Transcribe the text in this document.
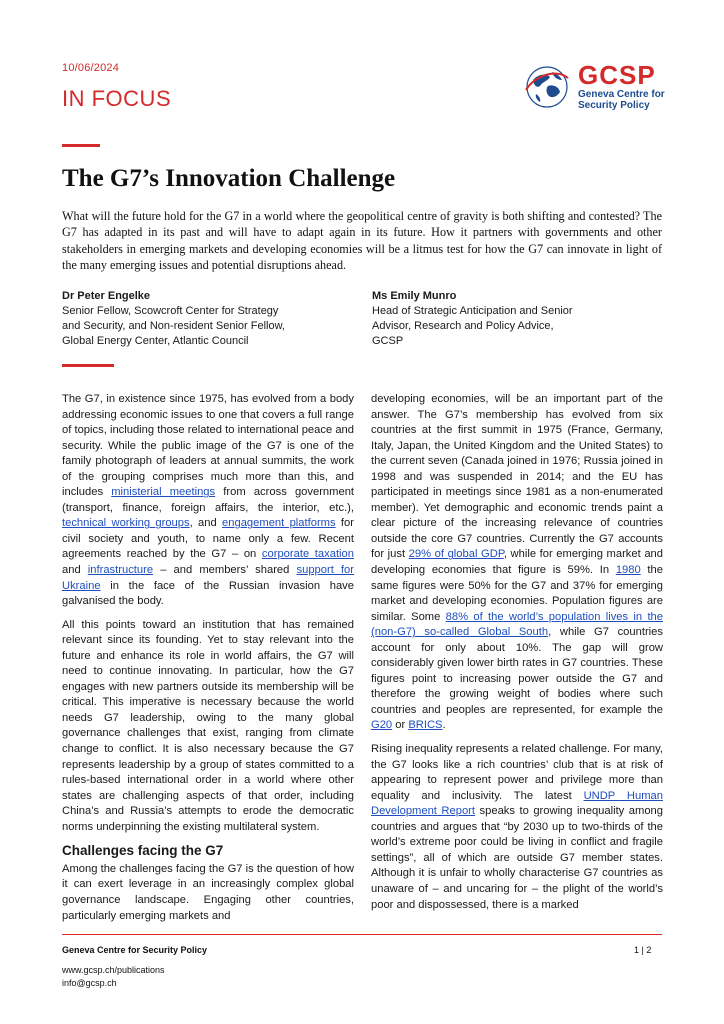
10/06/2024
IN FOCUS
GCSP
Geneva Centre for
Security Policy
The G7’s Innovation Challenge
What will the future hold for the G7 in a world where the geopolitical centre of gravity is both shifting and contested? The G7 has adapted in its past and will have to adapt again in its future. How it partners with governments and other stakeholders in emerging markets and developing economies will be a litmus test for how the G7 can innovate in light of the many emerging issues and potential disruptions ahead.
Dr Peter Engelke
Senior Fellow, Scowcroft Center for Strategy
and Security, and Non-resident Senior Fellow,
Global Energy Center, Atlantic Council
Ms Emily Munro
Head of Strategic Anticipation and Senior
Advisor, Research and Policy Advice,
GCSP

The G7, in existence since 1975, has evolved from a body addressing economic issues to one that covers a full range of topics, including those related to international peace and security. While the public image of the G7 is one of the family photograph of leaders at annual summits, the work of the grouping comprises much more than this, and includes ministerial meetings from across government (transport, finance, foreign affairs, the interior, etc.), technical working groups, and engagement platforms for civil society and youth, to name only a few. Recent agreements reached by the G7 – on corporate taxation and infrastructure – and members’ shared support for Ukraine in the face of the Russian invasion have galvanised the body.

All this points toward an institution that has remained relevant since its founding. Yet to stay relevant into the future and enhance its role in world affairs, the G7 will need to continue innovating. In particular, how the G7 engages with new partners outside its membership will be critical. This imperative is necessary because the world needs G7 leadership, owing to the many global governance challenges that exist, ranging from climate change to conflict. It is also necessary because the G7 represents leadership by a group of states committed to a rules-based international order in a world where other states are challenging aspects of that order, including China’s and Russia’s attempts to erode the democratic norms underpinning the existing multilateral system.

Challenges facing the G7

Among the challenges facing the G7 is the question of how it can exert leverage in an increasingly complex global governance landscape. Engaging other countries, particularly emerging markets and

developing economies, will be an important part of the answer. The G7’s membership has evolved from six countries at the first summit in 1975 (France, Germany, Italy, Japan, the United Kingdom and the United States) to the current seven (Canada joined in 1976; Russia joined in 1998 and was suspended in 2014; and the EU has participated in meetings since 1981 as a non-enumerated member). Yet demographic and economic trends paint a clear picture of the increasing relevance of countries outside the core G7 countries. Currently the G7 accounts for just 29% of global GDP, while for emerging market and developing economies that figure is 59%. In 1980 the same figures were 50% for the G7 and 37% for emerging market and developing economies. Population figures are similar. Some 88% of the world’s population lives in the (non-G7) so-called Global South, while G7 countries account for only about 10%. The gap will grow considerably given lower birth rates in G7 countries. These figures point to increasing power outside the G7 and therefore the growing weight of bodies where such countries and peoples are represented, for example the G20 or BRICS.

Rising inequality represents a related challenge. For many, the G7 looks like a rich countries’ club that is at risk of appearing to represent power and privilege more than equality and inclusivity. The latest UNDP Human Development Report speaks to growing inequality among countries and argues that “by 2030 up to two-thirds of the world’s extreme poor could be living in conflict and fragile settings”, all of which are outside G7 member states. Although it is unfair to wholly characterise G7 countries as unaware of – and uncaring for – the plight of the world’s poor and dispossessed, there is a marked

Geneva Centre for Security Policy	1 | 2
www.gcsp.ch/publications
info@gcsp.ch
